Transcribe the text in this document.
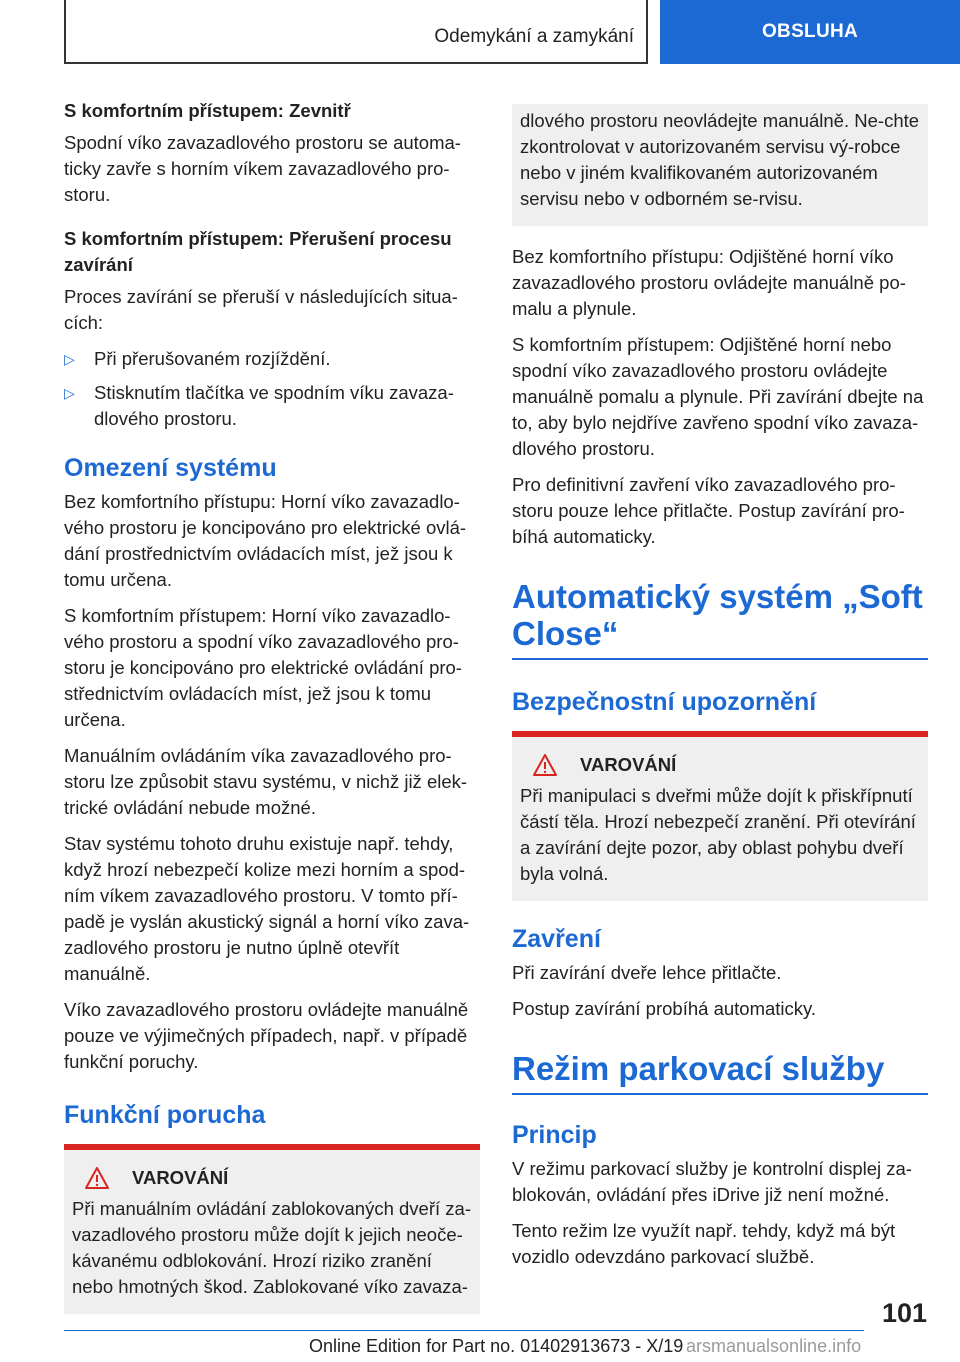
Odemykání a zamykání	OBSLUHA
S komfortním přístupem: Zevnitř

Spodní víko zavazadlového prostoru se automa-ticky zavře s horním víkem zavazadlového pro-storu.

S komfortním přístupem: Přerušení procesu zavírání

Proces zavírání se přeruší v následujících situa-cích:

▷ Při přerušovaném rozjíždění.
▷ Stisknutím tlačítka ve spodním víku zavaza-dlového prostoru.
Omezení systému

Bez komfortního přístupu: Horní víko zavazadlo-vého prostoru je koncipováno pro elektrické ovlá-dání prostřednictvím ovládacích míst, jež jsou k tomu určena.

S komfortním přístupem: Horní víko zavazadlo-vého prostoru a spodní víko zavazadlového pro-storu je koncipováno pro elektrické ovládání pro-střednictvím ovládacích míst, jež jsou k tomu určena.

Manuálním ovládáním víka zavazadlového pro-storu lze způsobit stavu systému, v nichž již elek-trické ovládání nebude možné.

Stav systému tohoto druhu existuje např. tehdy, když hrozí nebezpečí kolize mezi horním a spod-ním víkem zavazadlového prostoru. V tomto pří-padě je vyslán akustický signál a horní víko zava-zadlového prostoru je nutno úplně otevřít manuálně.

Víko zavazadlového prostoru ovládejte manuálně pouze ve výjimečných případech, např. v případě funkční poruchy.

Funkční porucha
VAROVÁNÍ

Při manuálním ovládání zablokovaných dveří za-vazadlového prostoru může dojít k jejich neoče-kávanému odblokování. Hrozí riziko zranění nebo hmotných škod. Zablokované víko zavaza-

dlového prostoru neovládejte manuálně. Ne-chte zkontrolovat v autorizovaném servisu vý-robce nebo v jiném kvalifikovaném autorizovaném servisu nebo v odborném se-rvisu.

Bez komfortního přístupu: Odjištěné horní víko zavazadlového prostoru ovládejte manuálně po-malu a plynule.

S komfortním přístupem: Odjištěné horní nebo spodní víko zavazadlového prostoru ovládejte manuálně pomalu a plynule. Při zavírání dbejte na to, aby bylo nejdříve zavřeno spodní víko zavaza-dlového prostoru.

Pro definitivní zavření víko zavazadlového pro-storu pouze lehce přitlačte. Postup zavírání pro-bíhá automaticky.

Automatický systém „Soft Close“
Bezpečnostní upozornění
VAROVÁNÍ

Při manipulaci s dveřmi může dojít k přiskřípnutí částí těla. Hrozí nebezpečí zranění. Při otevírání a zavírání dejte pozor, aby oblast pohybu dveří byla volná.

Zavření

Při zavírání dveře lehce přitlačte.

Postup zavírání probíhá automaticky.

Režim parkovací služby
Princip

V režimu parkovací služby je kontrolní displej za-blokován, ovládání přes iDrive již není možné.

Tento režim lze využít např. tehdy, když má být vozidlo odevzdáno parkovací službě.

101
Online Edition for Part no. 01402913673 - X/19 arsmanualsonline.info
